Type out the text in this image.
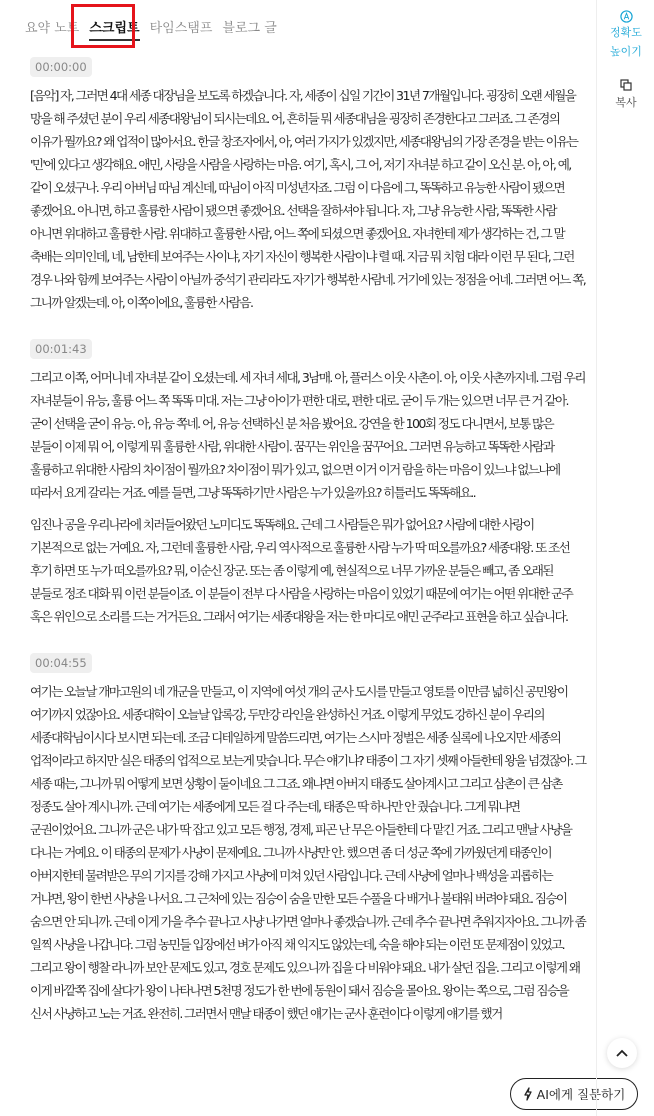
요약 노트 스크립트 타임스탬프 블로그 글
00:00:00

[음악] 자, 그러면 4대 세종 대장님을 보도록 하겠습니다. 자, 세종이 십일 기간이 31년 7개월입니다. 굉장히 오랜 세월을 망을 해 주셨던 분이 우리 세종대왕님이 되시는데요. 어, 흔히들 뭐 세종대님을 굉장히 존경한다고 그러죠. 그 존경의 이유가 뭘까요? 왜 업적이 많아서요. 한글 창조자에서, 아, 여러 가지가 있겠지만, 세종대왕님의 가장 존경을 받는 이유는 '민'에 있다고 생각해요. 애민, 사랑을 사람을 사랑하는 마음. 여기, 혹시, 그 어, 저기 자녀분 하고 같이 오신 분. 아, 아, 예, 같이 오셨구나. 우리 아버님 따님 계신데, 따님이 아직 미성년자죠. 그럼 이 다음에 그, 똑똑하고 유능한 사람이 됐으면 좋겠어요. 아니면, 하고 훌륭한 사람이 됐으면 좋겠어요. 선택을 잘하셔야 됩니다. 자, 그냥 유능한 사람, 똑똑한 사람 아니면 위대하고 훌륭한 사람. 위대하고 훌륭한 사람, 어느 쪽에 되셨으면 좋겠어요. 자녀한테 제가 생각하는 건, 그 말 축배는 의미인데, 네, 남한테 보여주는 사이냐, 자기 자신이 행복한 사람이냐 렬 때. 지금 뭐 치험 대라 이런 무 된다, 그런 경우 나와 함께 보여주는 사람이 아닐까 중석기 관리라도 자기가 행복한 사람네. 거기에 있는 정점을 어네. 그러면 어느 쪽, 그니까 알겠는데. 아, 이쪽이에요, 훌륭한 사람음.

00:01:43

그리고 이쪽, 어머니네 자녀분 같이 오셨는데. 세 자녀 세대, 3남매. 아, 플러스 이웃 사촌이. 아, 이웃 사촌까지네. 그럼 우리 자녀분들이 유능, 훌륭 어느 쪽 똑똑 미대. 저는 그냥 아이가 편한 대로, 편한 대로. 굳이 두 개는 있으면 너무 큰 거 같아. 굳이 선택을 굳이 유능. 아, 유능 쪽네. 어, 유능 선택하신 분 처음 봤어요. 강연을 한 100회 정도 다니면서, 보통 많은 분들이 이제 뭐 어, 이렇게 뭐 훌륭한 사람, 위대한 사람이. 꿈꾸는 위인을 꿈꾸어요. 그러면 유능하고 똑똑한 사람과 훌륭하고 위대한 사람의 차이점이 뭘까요? 차이점이 뭐가 있고, 없으면 이거 이거 람을 하는 마음이 있느냐 없느냐에 따라서 요게 갈리는 거죠. 예를 들면, 그냥 똑똑하기만 사람은 누가 있을까요? 히틀러도 똑똑해요..

임진나 공을 우리나라에 치러들어왔던 노미디도 똑똑해요. 근데 그 사람들은 뭐가 없어요? 사람에 대한 사랑이 기본적으로 없는 거예요. 자, 그런데 훌륭한 사람, 우리 역사적으로 훌륭한 사람 누가 딱 떠오를까요? 세종대왕. 또 조선 후기 하면 또 누가 떠오를까요? 뭐, 이순신 장군. 또는 좀 이렇게 예, 현실적으로 너무 가까운 분들은 빼고, 좀 오래된 분들로 정조 대화 뭐 이런 분들이죠. 이 분들이 전부 다 사람을 사랑하는 마음이 있었기 때문에 여기는 어떤 위대한 군주 혹은 위인으로 소리를 드는 거거든요. 그래서 여기는 세종대왕을 저는 한 마디로 애민 군주라고 표현을 하고 싶습니다.

00:04:55

여기는 오늘날 개마고원의 네 개군을 만들고, 이 지역에 여섯 개의 군사 도시를 만들고 영토를 이만큼 넓히신 공민왕이 여기까지 었잖아요. 세종대학이 오늘날 압록강, 두만강 라인을 완성하신 거죠. 이렇게 무었도 강하신 분이 우리의 세종대학님이시다 보시면 되는데. 조금 디테일하게 말씀드리면, 여기는 스시마 정벌은 세종 실록에 나오지만 세종의 업적이라고 하지만 실은 태종의 업적으로 보는게 맞습니다. 무슨 얘기냐? 태종이 그 자기 셋째 아들한테 왕을 넘겼잖아. 그 세종 때는, 그니까 뭐 어떻게 보면 상황이 둘이네요 그 그죠. 왜냐면 아버지 태종도 살아계시고 그리고 삼촌이 큰 삼촌 정종도 살아 계시니까. 근데 여기는 세종에게 모든 걸 다 주는데, 태종은 딱 하나만 안 줬습니다. 그게 뭐냐면 군권이었어요. 그니까 군은 내가 딱 잡고 있고 모든 행정, 경제, 피곤 난 무은 아들한테 다 맡긴 거죠. 그리고 맨날 사냥을 다니는 거예요. 이 태종의 문제가 사냥이 문제예요. 그니까 사냥만 안. 했으면 좀 더 성군 쪽에 가까웠던게 태종인이 아버지한테 물려받은 무의 기지를 강해 가지고 사냥에 미쳐 있던 사람입니다. 근데 사냥에 얼마나 백성을 괴롭히는 거냐면, 왕이 한번 사냥을 나서요. 그 근처에 있는 짐승이 숨을 만한 모든 수풀을 다 배거나 불태워 버려야 돼요. 짐승이 숨으면 안 되니까. 근데 이게 가을 추수 끝나고 사냥 나가면 얼마나 좋겠습니까. 근데 추수 끝나면 추워지자아요. 그니까 좀 일찍 사냥을 나갑니다. 그럼 농민들 입장에선 벼가 아직 채 익지도 않았는데, 숙을 해야 되는 이런 또 문제점이 있었고. 그리고 왕이 행찰 라니까 보안 문제도 있고, 경호 문제도 있으니까 집을 다 비워야 돼요. 내가 살던 집을. 그리고 이렇게 왜 이게 바깥쪽 집에 살다가 왕이 나타나면 5천명 정도가 한 번에 동원이 돼서 짐승을 몰아요. 왕이는 쪽으로, 그럼 짐승을 신서 사냥하고 노는 거죠. 완전히. 그러면서 맨날 태종이 했던 얘기는 군사 훈련이다 이렇게 얘기를 했거

AI에게 질문하기
정확도
높이기
복사
